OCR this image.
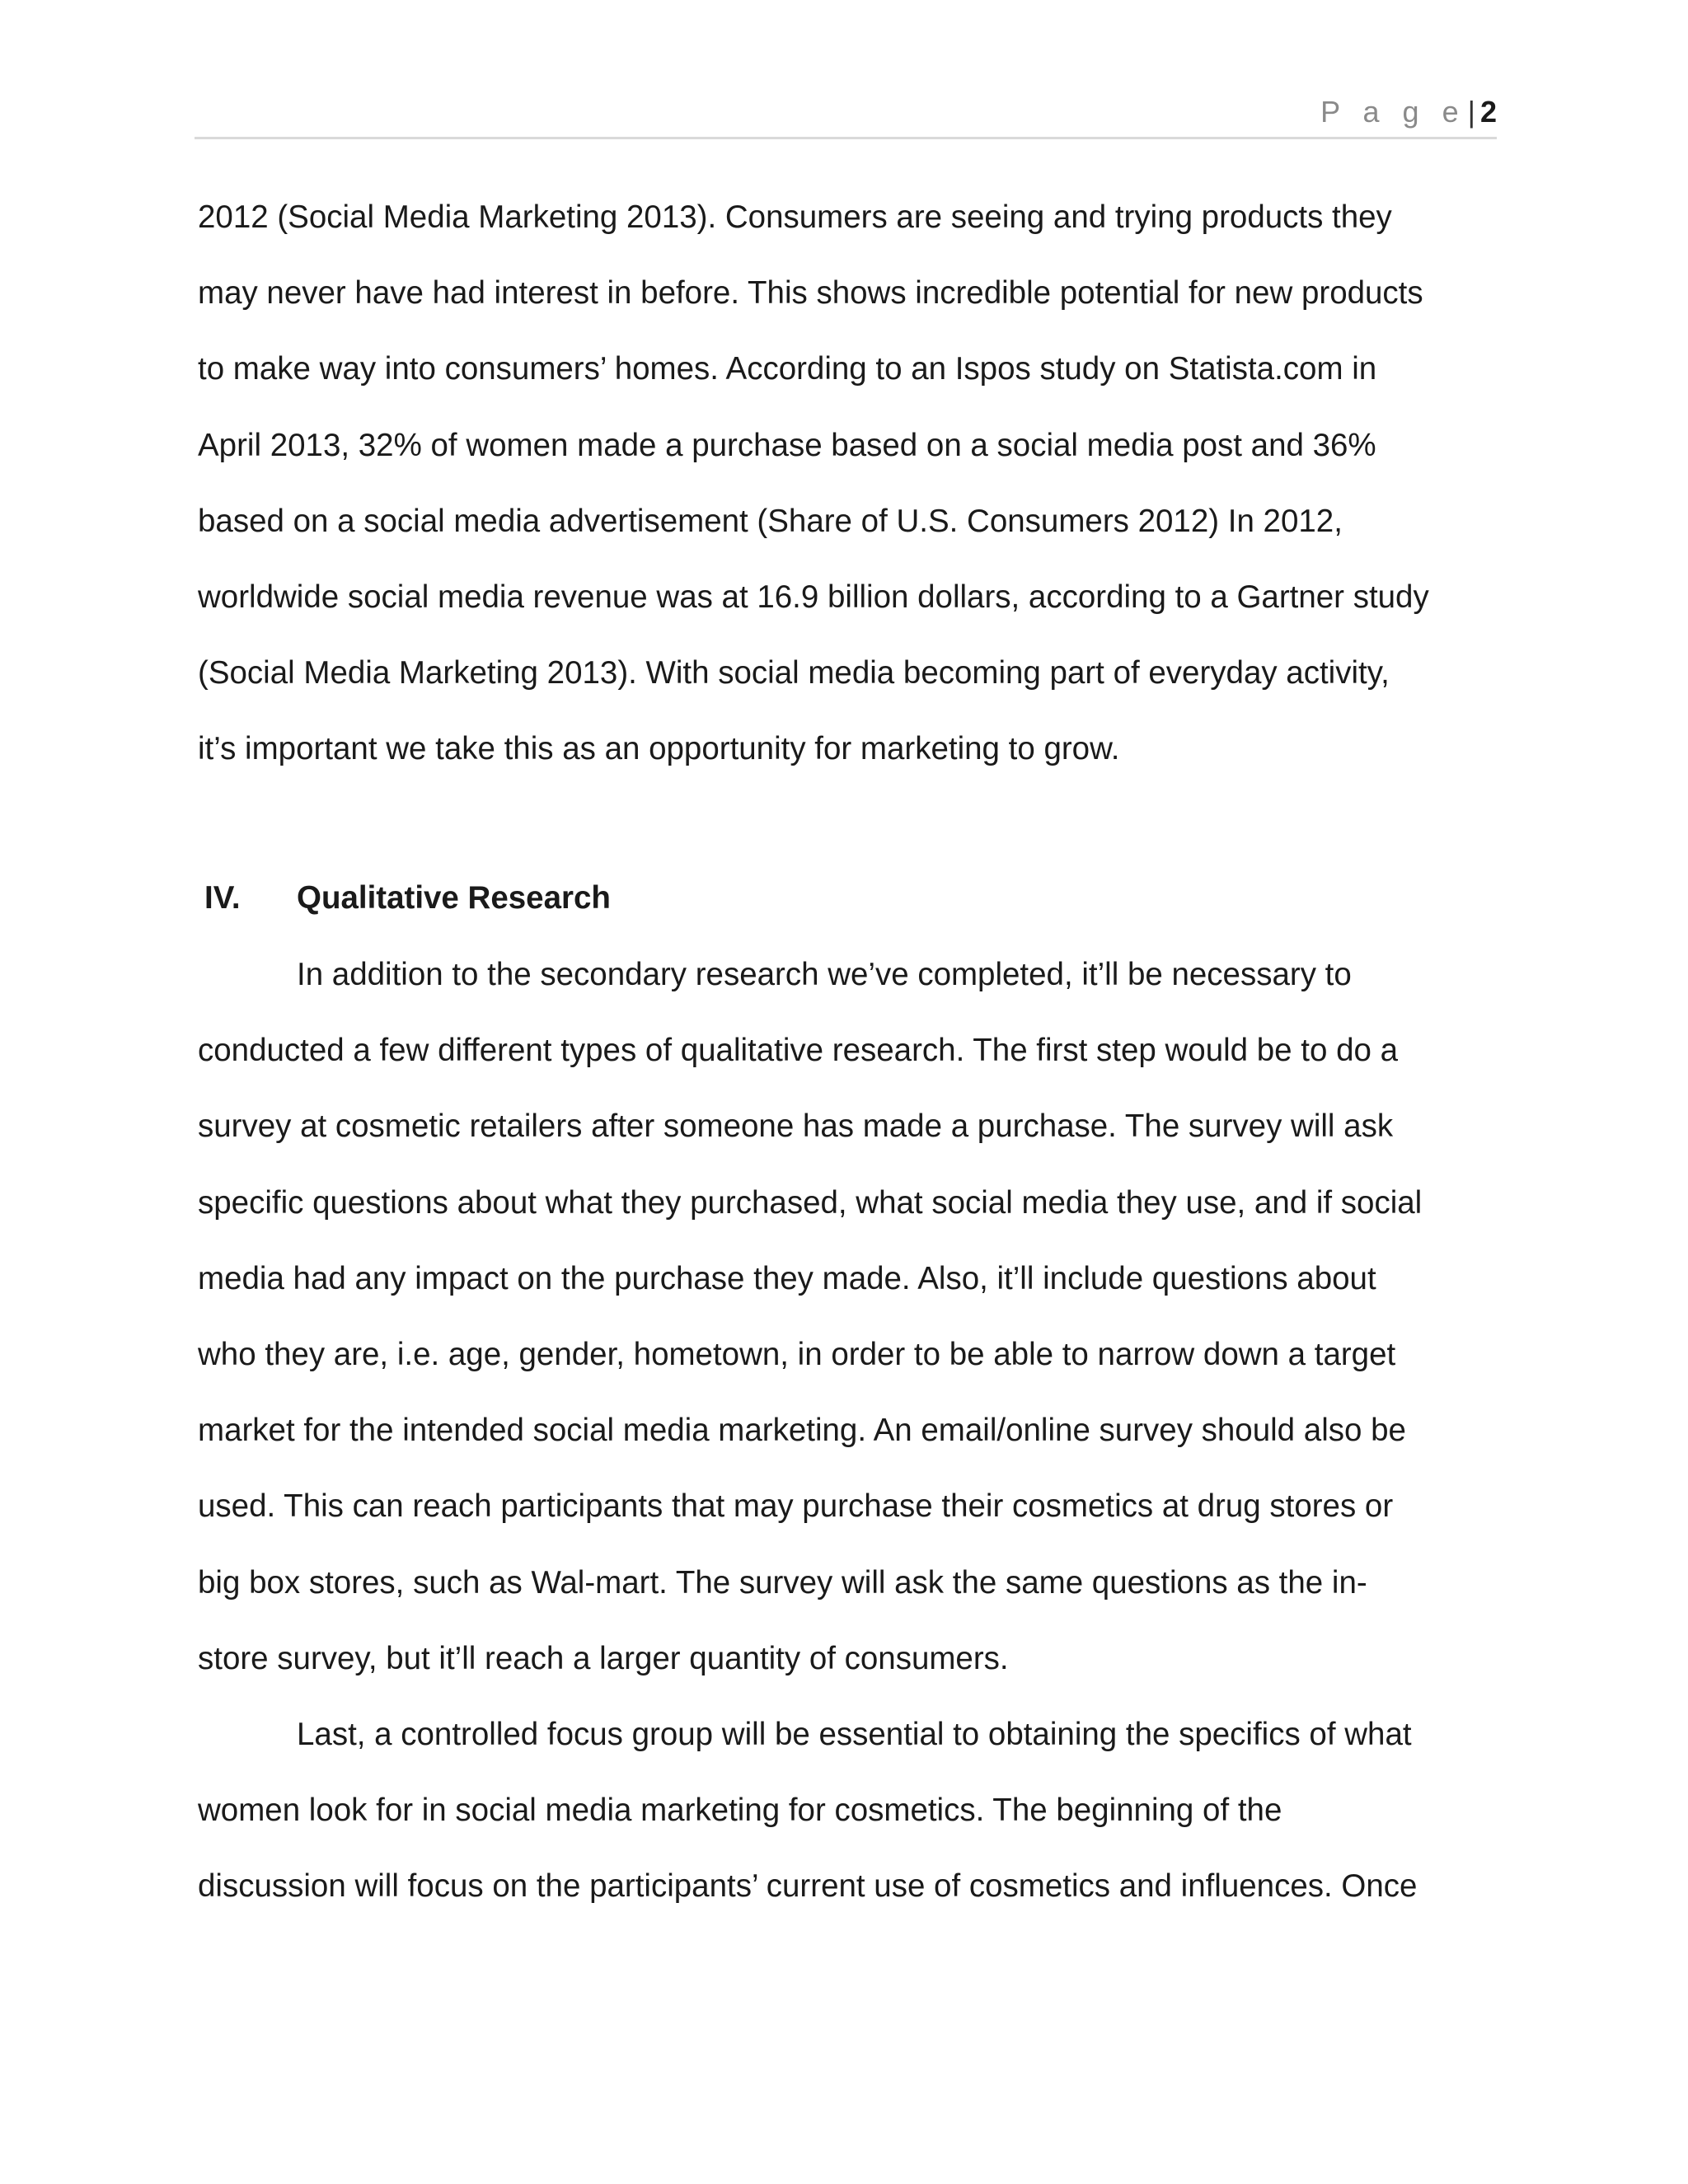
P a g e| 2
2012 (Social Media Marketing 2013). Consumers are seeing and trying products they
may never have had interest in before. This shows incredible potential for new products
to make way into consumers’ homes. According to an Ispos study on Statista.com in
April 2013, 32% of women made a purchase based on a social media post and 36%
based on a social media advertisement (Share of U.S. Consumers 2012) In 2012,
worldwide social media revenue was at 16.9 billion dollars, according to a Gartner study
(Social Media Marketing 2013). With social media becoming part of everyday activity,
it’s important we take this as an opportunity for marketing to grow.
IV. Qualitative Research
In addition to the secondary research we’ve completed, it’ll be necessary to
conducted a few different types of qualitative research. The first step would be to do a
survey at cosmetic retailers after someone has made a purchase. The survey will ask
specific questions about what they purchased, what social media they use, and if social
media had any impact on the purchase they made. Also, it’ll include questions about
who they are, i.e. age, gender, hometown, in order to be able to narrow down a target
market for the intended social media marketing. An email/online survey should also be
used. This can reach participants that may purchase their cosmetics at drug stores or
big box stores, such as Wal-mart. The survey will ask the same questions as the in-
store survey, but it’ll reach a larger quantity of consumers.
Last, a controlled focus group will be essential to obtaining the specifics of what
women look for in social media marketing for cosmetics. The beginning of the
discussion will focus on the participants’ current use of cosmetics and influences. Once
